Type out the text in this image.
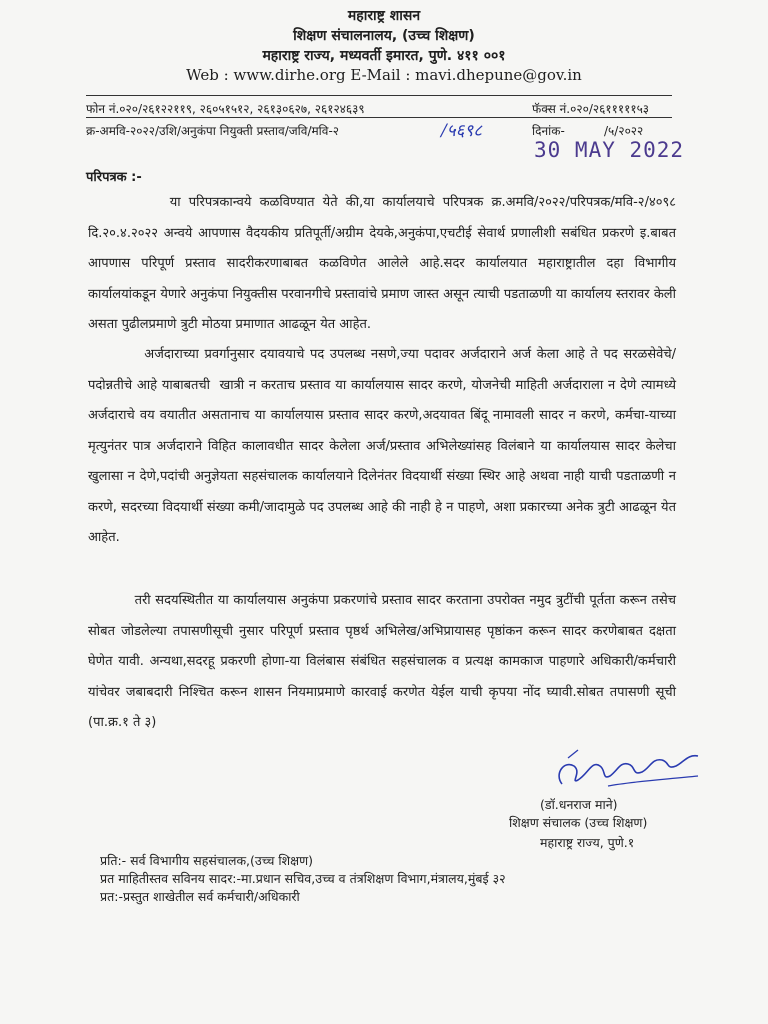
महाराष्ट्र शासन
शिक्षण संचालनालय, (उच्च शिक्षण)
महाराष्ट्र राज्य, मध्यवर्ती इमारत, पुणे. ४११ ००१
Web : www.dirhe.org E-Mail : mavi.dhepune@gov.in
फोन नं.०२०/२६१२२११९, २६०५१५१२, २६१३०६२७, २६१२४६३९	फॅक्स नं.०२०/२६१११११५३
क्र-अमवि-२०२२/उशि/अनुकंपा नियुक्ती प्रस्ताव/जवि/मवि-२	/५६९८	दिनांक-	/५/२०२२
30 MAY 2022
परिपत्रक :-
या परिपत्रकान्वये कळविण्यात येते की,या कार्यालयाचे परिपत्रक क्र.अमवि/२०२२/परिपत्रक/मवि-२/४०९८ दि.२०.४.२०२२ अन्वये आपणास वैदयकीय प्रतिपूर्ती/अग्रीम देयके,अनुकंपा,एचटीई सेवार्थ प्रणालीशी सबंधित प्रकरणे इ.बाबत आपणास परिपूर्ण प्रस्ताव सादरीकरणाबाबत कळविणेत आलेले आहे.सदर कार्यालयात महाराष्ट्रातील दहा विभागीय कार्यालयांकडून येणारे अनुकंपा नियुक्तीस परवानगीचे प्रस्तावांचे प्रमाण जास्त असून त्याची पडताळणी या कार्यालय स्तरावर केली असता पुढीलप्रमाणे त्रुटी मोठया प्रमाणात आढळून येत आहेत.
अर्जदाराच्या प्रवर्गानुसार दयावयाचे पद उपलब्ध नसणे,ज्या पदावर अर्जदाराने अर्ज केला आहे ते पद सरळसेवेचे/पदोन्नतीचे आहे याबाबतची  खात्री न करताच प्रस्ताव या कार्यालयास सादर करणे, योजनेची माहिती अर्जदाराला न देणे त्यामध्ये अर्जदाराचे वय वयातीत असतानाच या कार्यालयास प्रस्ताव सादर करणे,अदयावत बिंदू नामावली सादर न करणे, कर्मचा-याच्या मृत्युनंतर पात्र अर्जदाराने विहित कालावधीत सादर केलेला अर्ज/प्रस्ताव अभिलेख्यांसह विलंबाने या कार्यालयास सादर केलेचा खुलासा न देणे,पदांची अनुज्ञेयता सहसंचालक कार्यालयाने दिलेनंतर विदयार्थी संख्या स्थिर आहे अथवा नाही याची पडताळणी न करणे, सदरच्या विदयार्थी संख्या कमी/जादामुळे पद उपलब्ध आहे की नाही हे न पाहणे, अशा प्रकारच्या अनेक त्रुटी आढळून येत आहेत.
तरी सदयस्थितीत या कार्यालयास अनुकंपा प्रकरणांचे प्रस्ताव सादर करताना उपरोक्त नमुद त्रुटींची पूर्तता करून तसेच सोबत जोडलेल्या तपासणीसूची नुसार परिपूर्ण प्रस्ताव पृष्ठर्थ अभिलेख/अभिप्रायासह पृष्ठांकन करून सादर करणेबाबत दक्षता घेणेत यावी. अन्यथा,सदरहू प्रकरणी होणा-या विलंबास संबंधित सहसंचालक व प्रत्यक्ष कामकाज पाहणारे अधिकारी/कर्मचारी यांचेवर जबाबदारी निश्चित करून शासन नियमाप्रमाणे कारवाई करणेत येईल याची कृपया नोंद घ्यावी.सोबत तपासणी सूची (पा.क्र.१ ते ३)
(डॉ.धनराज माने)
शिक्षण संचालक (उच्च शिक्षण)
महाराष्ट्र राज्य, पुणे.१
प्रति:- सर्व विभागीय सहसंचालक,(उच्च शिक्षण)
प्रत माहितीस्तव सविनय सादर:-मा.प्रधान सचिव,उच्च व तंत्रशिक्षण विभाग,मंत्रालय,मुंबई ३२
प्रत:-प्रस्तुत शाखेतील सर्व कर्मचारी/अधिकारी
